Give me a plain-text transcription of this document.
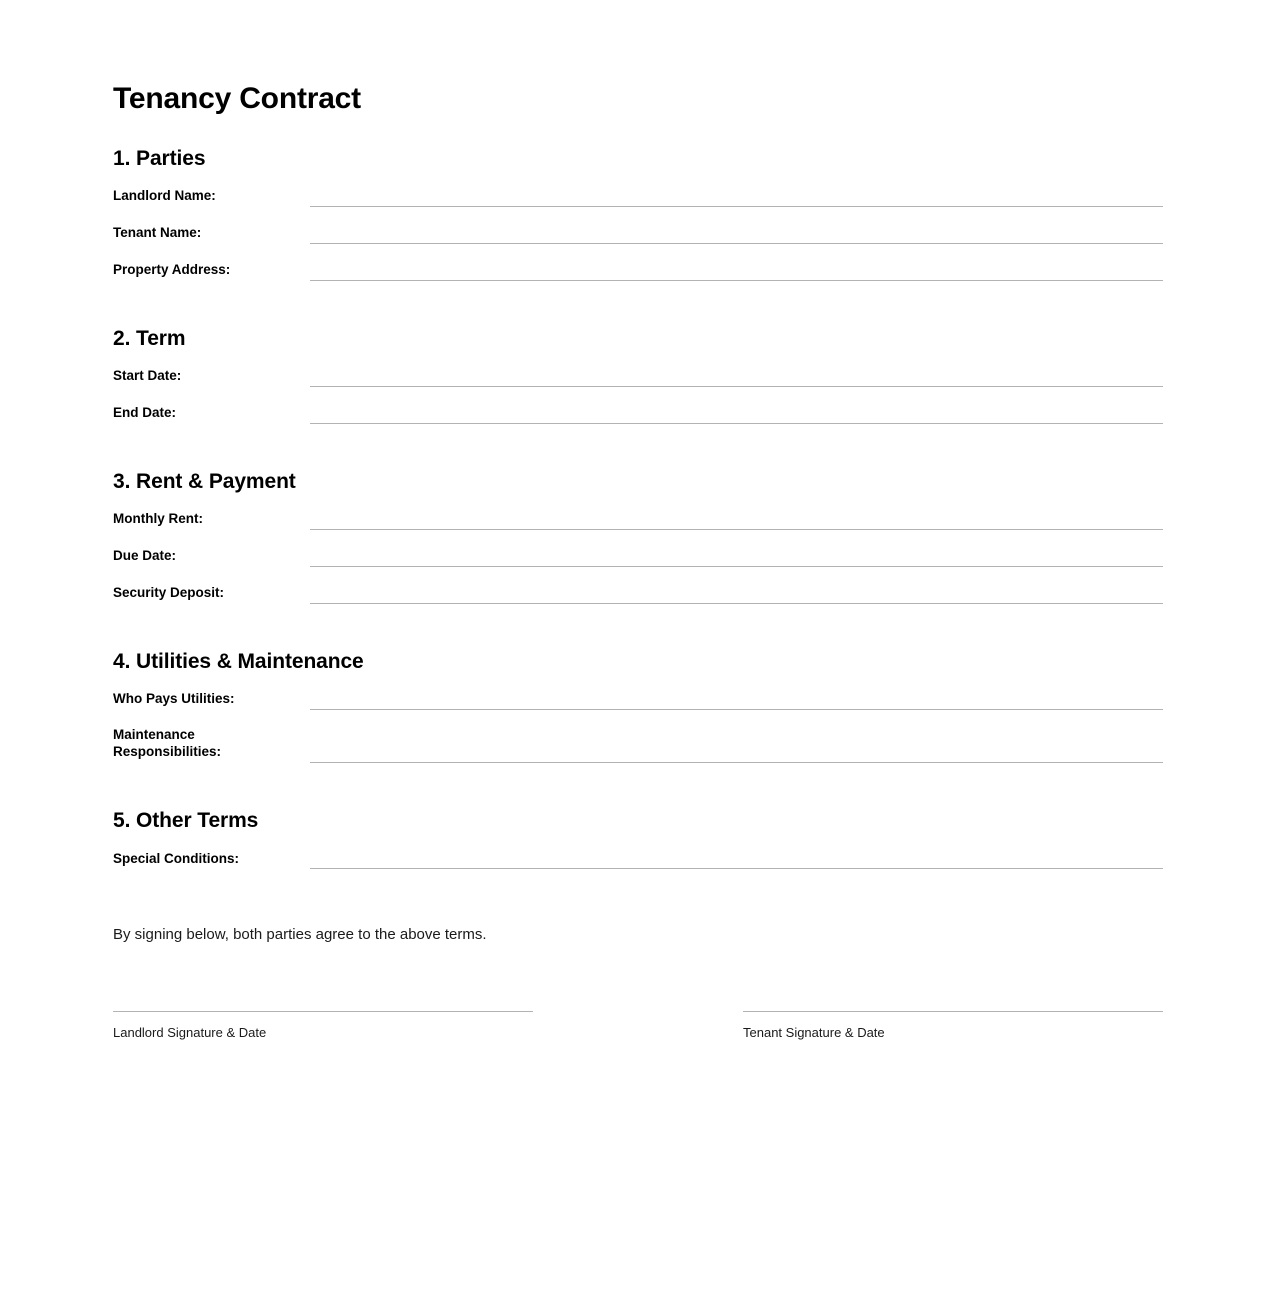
Tenancy Contract
1. Parties
Landlord Name:
Tenant Name:
Property Address:
2. Term
Start Date:
End Date:
3. Rent & Payment
Monthly Rent:
Due Date:
Security Deposit:
4. Utilities & Maintenance
Who Pays Utilities:
Maintenance
Responsibilities:
5. Other Terms
Special Conditions:
By signing below, both parties agree to the above terms.
Landlord Signature & Date	Tenant Signature & Date
